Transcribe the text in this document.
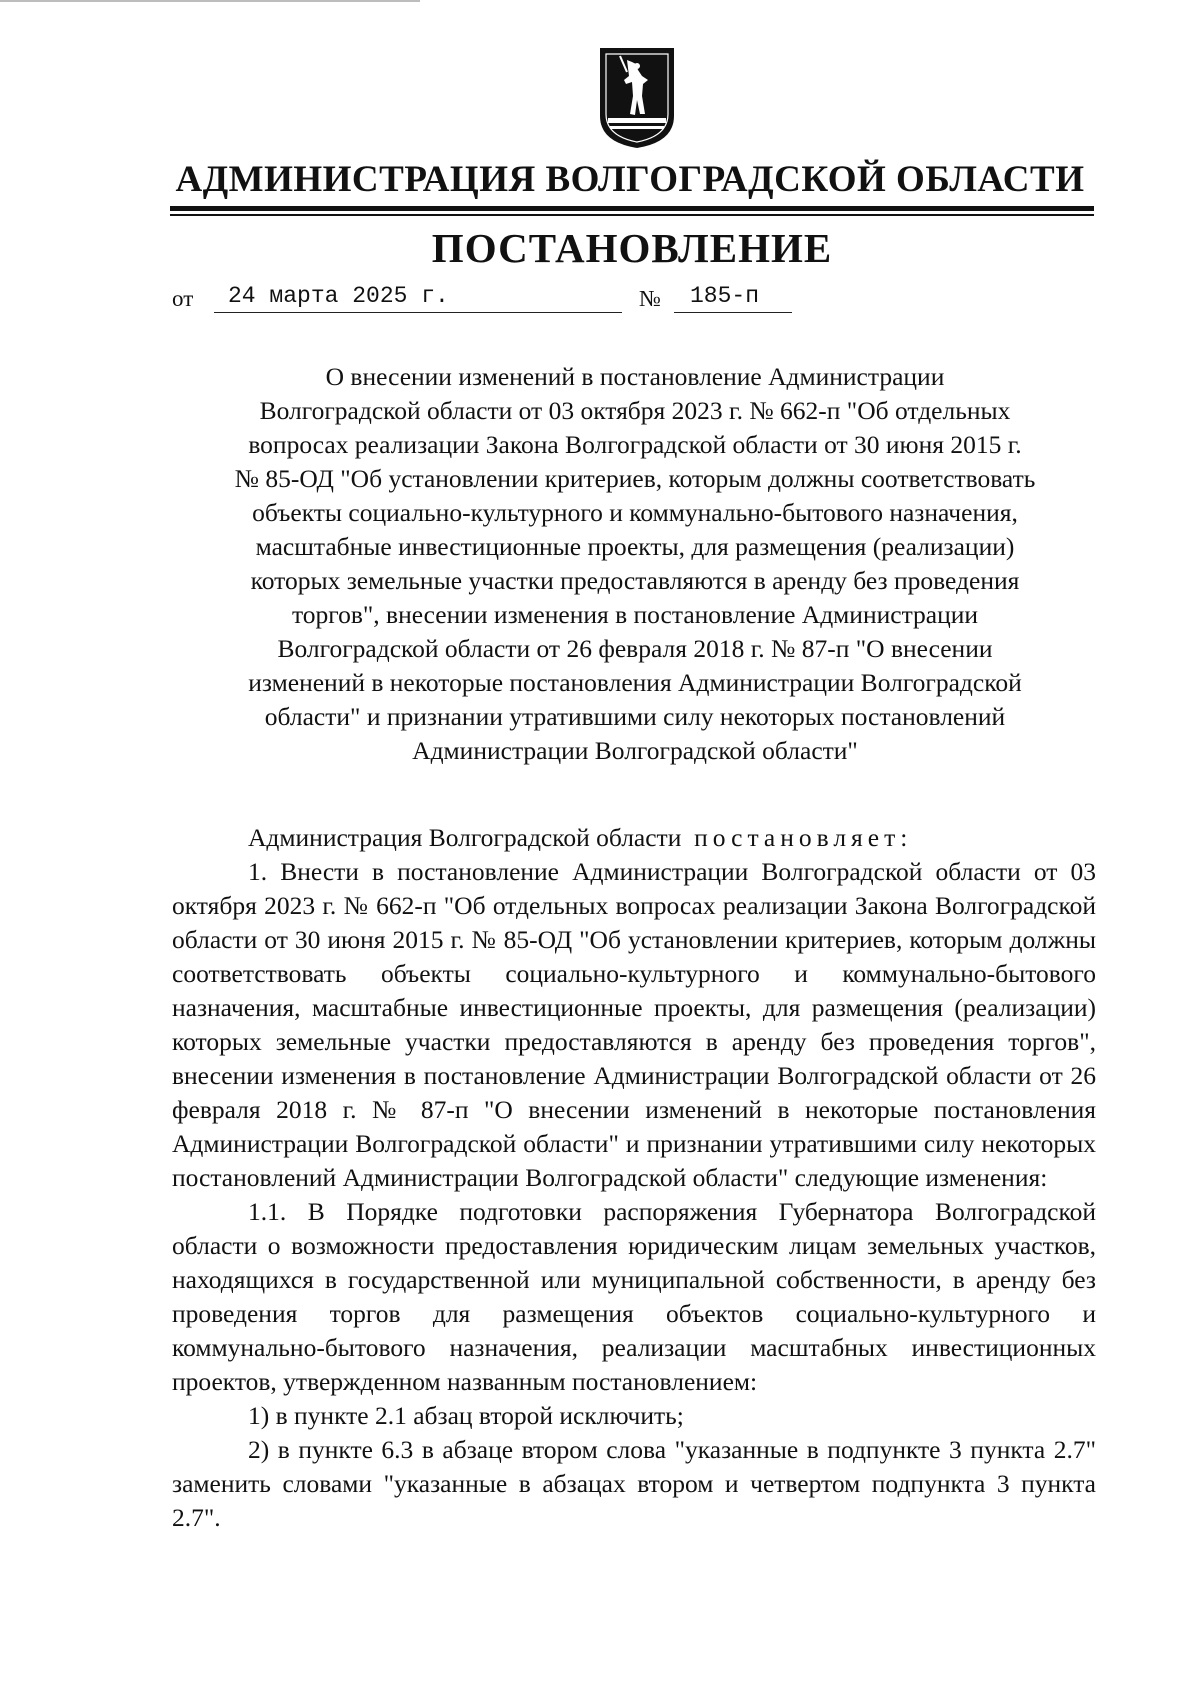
АДМИНИСТРАЦИЯ ВОЛГОГРАДСКОЙ ОБЛАСТИ
ПОСТАНОВЛЕНИЕ
от	24 марта 2025 г.	№	185-п
О внесении изменений в постановление Администрации
Волгоградской области от 03 октября 2023 г. № 662-п "Об отдельных
вопросах реализации Закона Волгоградской области от 30 июня 2015 г.
№ 85-ОД "Об установлении критериев, которым должны соответствовать
объекты социально-культурного и коммунально-бытового назначения,
масштабные инвестиционные проекты, для размещения (реализации)
которых земельные участки предоставляются в аренду без проведения
торгов", внесении изменения в постановление Администрации
Волгоградской области от 26 февраля 2018 г. № 87-п "О внесении
изменений в некоторые постановления Администрации Волгоградской
области" и признании утратившими силу некоторых постановлений
Администрации Волгоградской области"

Администрация Волгоградской области постановляет:

1. Внести в постановление Администрации Волгоградской области от 03 октября 2023 г. № 662-п "Об отдельных вопросах реализации Закона Волгоградской области от 30 июня 2015 г. № 85-ОД "Об установлении критериев, которым должны соответствовать объекты социально-культурного и коммунально-бытового назначения, масштабные инвестиционные проекты, для размещения (реализации) которых земельные участки предоставляются в аренду без проведения торгов", внесении изменения в постановление Администрации Волгоградской области от 26 февраля 2018 г. № 87-п "О внесении изменений в некоторые постановления Администрации Волгоградской области" и признании утратившими силу некоторых постановлений Администрации Волгоградской области" следующие изменения:

1.1. В Порядке подготовки распоряжения Губернатора Волгоградской области о возможности предоставления юридическим лицам земельных участков, находящихся в государственной или муниципальной собственности, в аренду без проведения торгов для размещения объектов социально-культурного и коммунально-бытового назначения, реализации масштабных инвестиционных проектов, утвержденном названным постановлением:

1) в пункте 2.1 абзац второй исключить;

2) в пункте 6.3 в абзаце втором слова "указанные в подпункте 3 пункта 2.7" заменить словами "указанные в абзацах втором и четвертом подпункта 3 пункта 2.7".
